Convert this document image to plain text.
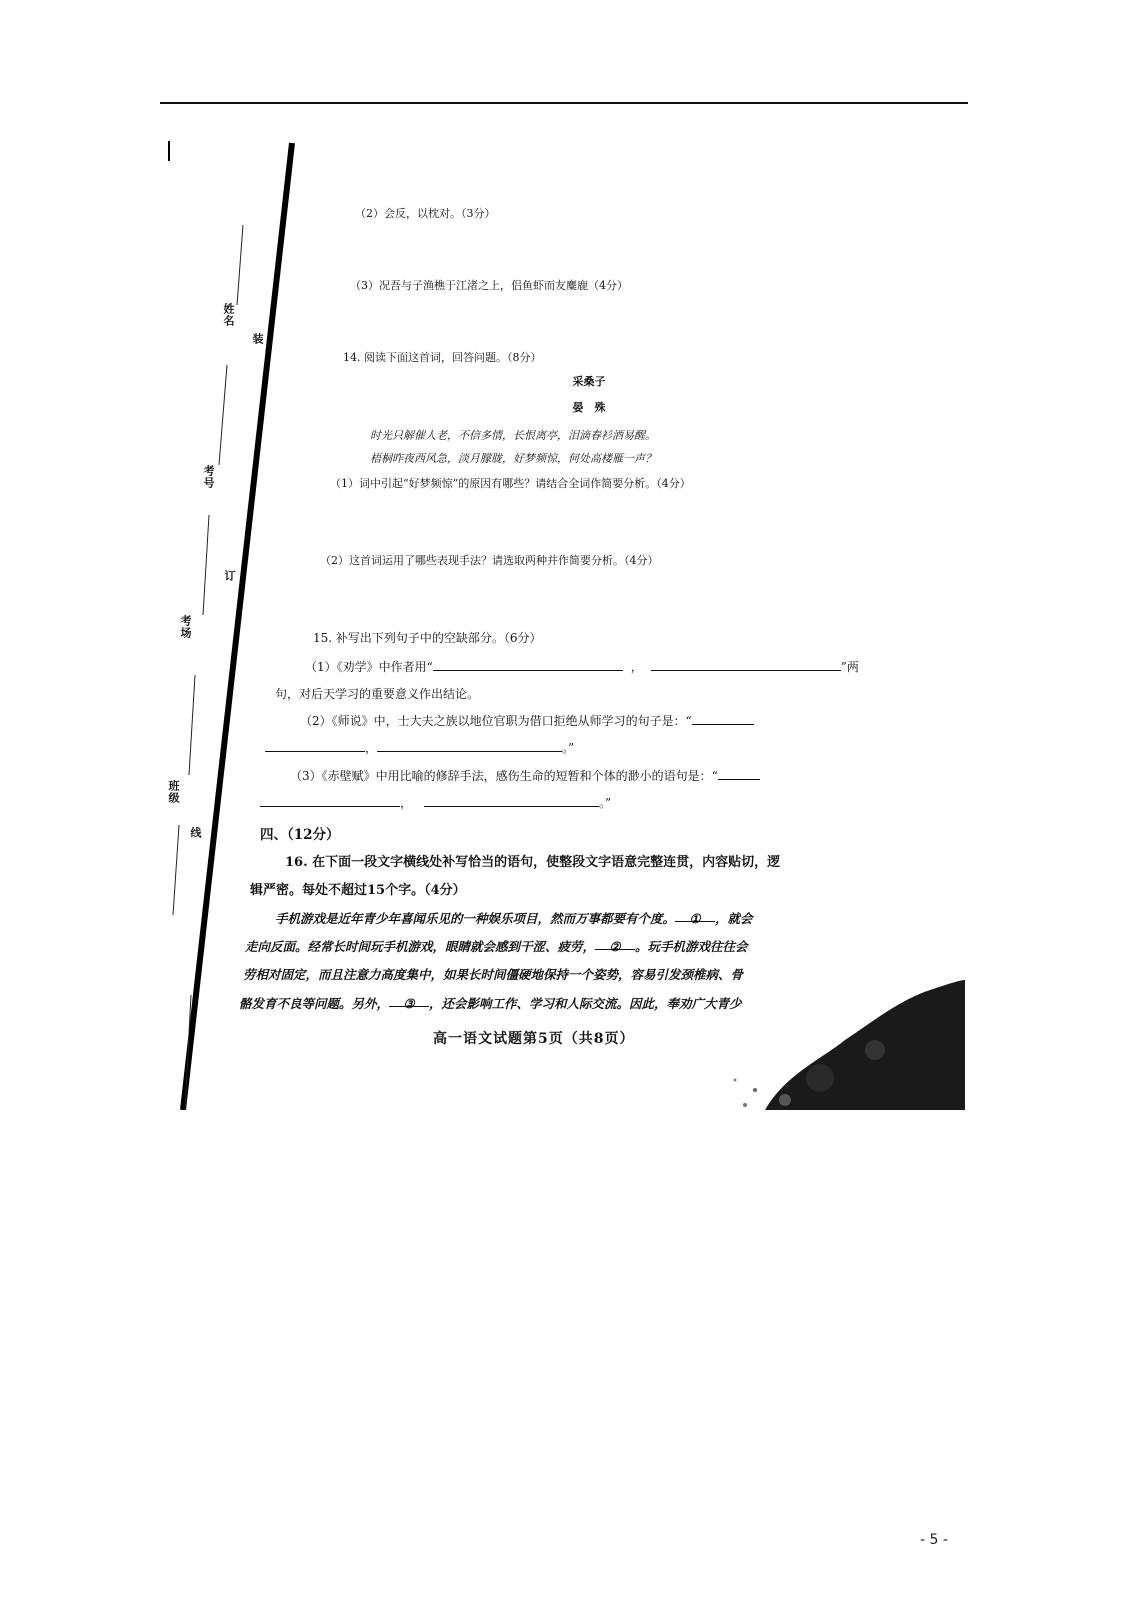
姓名
装
考号
订
考场
线
班级
（2）会反，以枕对。（3分）
（3）况吾与子渔樵于江渚之上，侣鱼虾而友麋鹿（4分）
14. 阅读下面这首词，回答问题。（8分）
采桑子
晏　殊
时光只解催人老，不信多情，长恨离亭，泪滴春衫酒易醒。
梧桐昨夜西风急，淡月朦胧，好梦频惊，何处高楼雁一声？
（1）词中引起“好梦频惊”的原因有哪些？请结合全词作简要分析。（4分）
（2）这首词运用了哪些表现手法？请选取两种并作简要分析。（4分）
15. 补写出下列句子中的空缺部分。（6分）
（1）《劝学》中作者用“	，	”两
句，对后天学习的重要意义作出结论。
（2）《师说》中，士大夫之族以地位官职为借口拒绝从师学习的句子是：“
，	。”
（3）《赤壁赋》中用比喻的修辞手法，感伤生命的短暂和个体的渺小的语句是：“
，	。”
四、（12分）
16. 在下面一段文字横线处补写恰当的语句，使整段文字语意完整连贯，内容贴切，逻
辑严密。每处不超过15个字。（4分）
手机游戏是近年青少年喜闻乐见的一种娱乐项目，然而万事都要有个度。 ① ，就会
走向反面。经常长时间玩手机游戏，眼睛就会感到干涩、疲劳， ② 。玩手机游戏往往会
劳相对固定，而且注意力高度集中，如果长时间僵硬地保持一个姿势，容易引发颈椎病、骨
骼发育不良等问题。另外， ③ ，还会影响工作、学习和人际交流。因此，奉劝广大青少
高一语文试题第5页（共8页）
- 5 -
